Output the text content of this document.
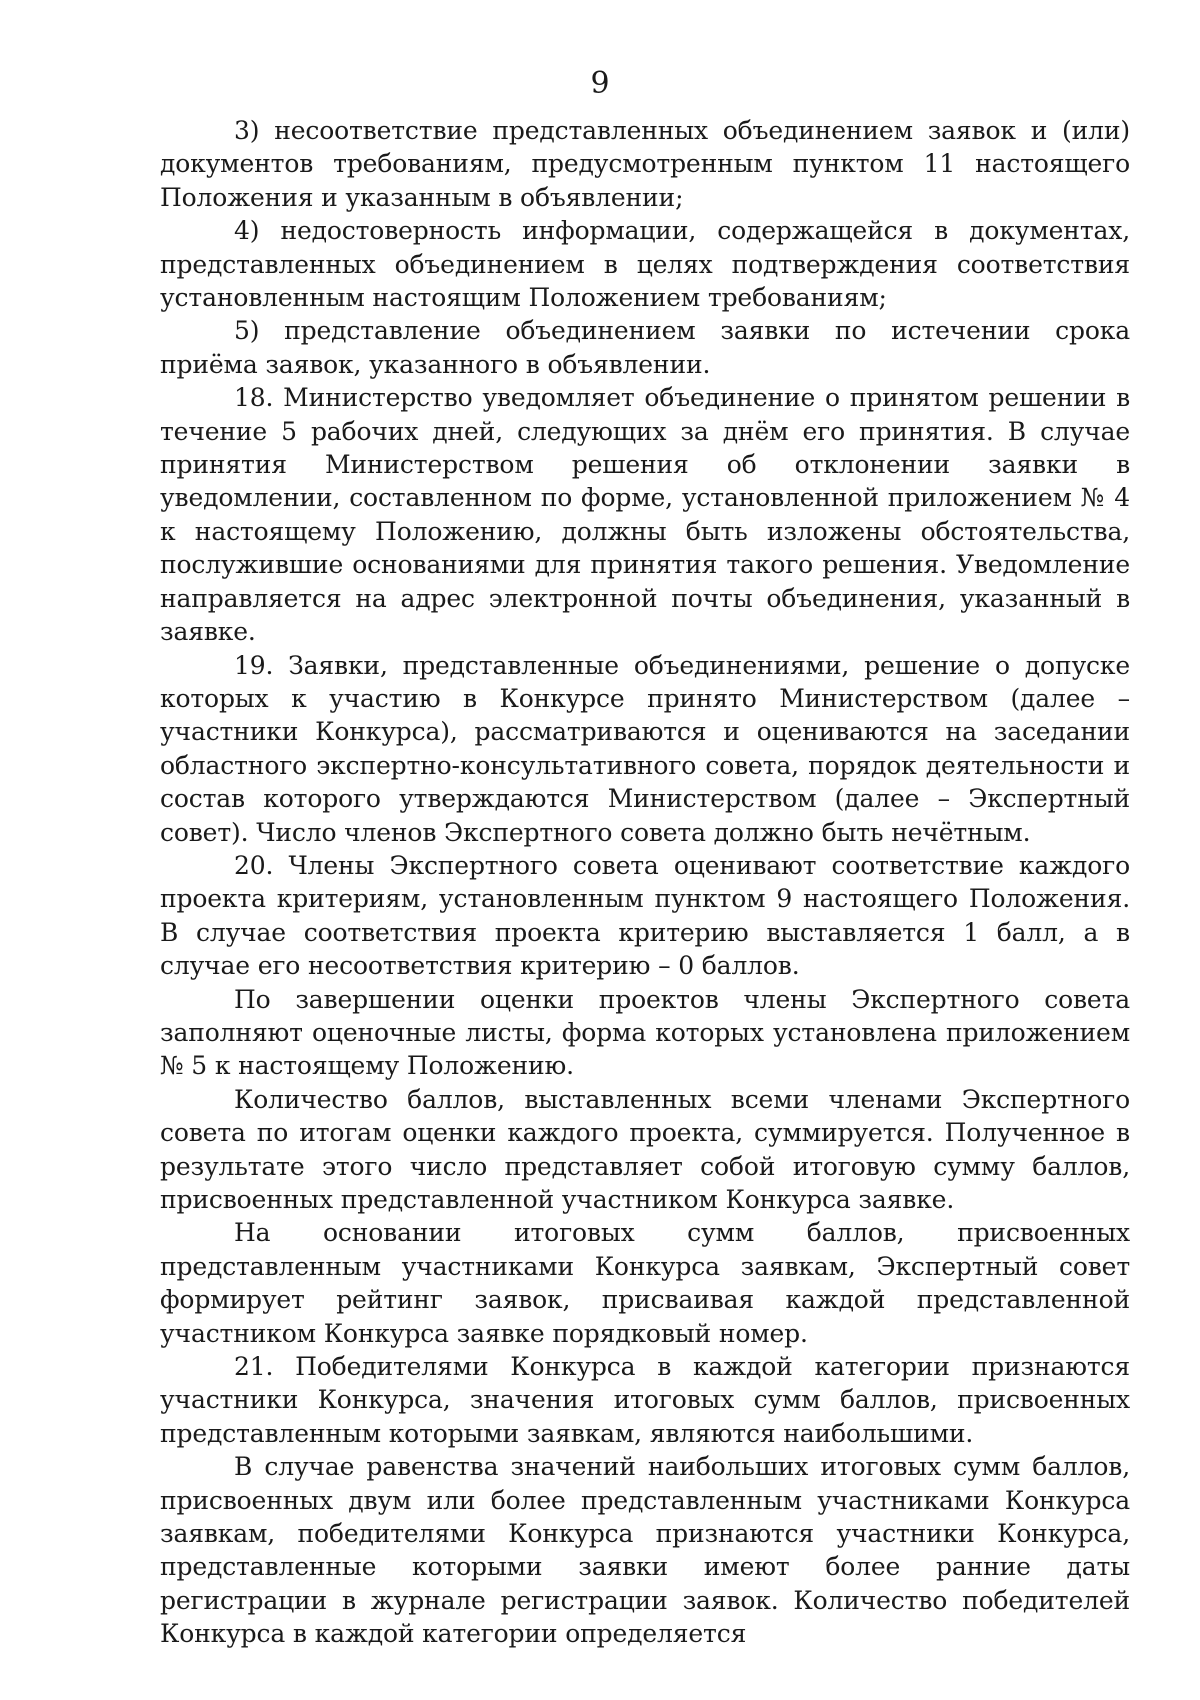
9

3) несоответствие представленных объединением заявок и (или) документов требованиям, предусмотренным пунктом 11 настоящего Положения и указанным в объявлении;

4) недостоверность информации, содержащейся в документах, представленных объединением в целях подтверждения соответствия установленным настоящим Положением требованиям;

5) представление объединением заявки по истечении срока приёма заявок, указанного в объявлении.

18. Министерство уведомляет объединение о принятом решении в течение 5 рабочих дней, следующих за днём его принятия. В случае принятия Министерством решения об отклонении заявки в уведомлении, составленном по форме, установленной приложением № 4 к настоящему Положению, должны быть изложены обстоятельства, послужившие основаниями для принятия такого решения. Уведомление направляется на адрес электронной почты объединения, указанный в заявке.

19. Заявки, представленные объединениями, решение о допуске которых к участию в Конкурсе принято Министерством (далее – участники Конкурса), рассматриваются и оцениваются на заседании областного экспертно-консультативного совета, порядок деятельности и состав которого утверждаются Министерством (далее – Экспертный совет). Число членов Экспертного совета должно быть нечётным.

20. Члены Экспертного совета оценивают соответствие каждого проекта критериям, установленным пунктом 9 настоящего Положения. В случае соответствия проекта критерию выставляется 1 балл, а в случае его несоответствия критерию – 0 баллов.

По завершении оценки проектов члены Экспертного совета заполняют оценочные листы, форма которых установлена приложением № 5 к настоящему Положению.

Количество баллов, выставленных всеми членами Экспертного совета по итогам оценки каждого проекта, суммируется. Полученное в результате этого число представляет собой итоговую сумму баллов, присвоенных представленной участником Конкурса заявке.

На основании итоговых сумм баллов, присвоенных представленным участниками Конкурса заявкам, Экспертный совет формирует рейтинг заявок, присваивая каждой представленной участником Конкурса заявке порядковый номер.

21. Победителями Конкурса в каждой категории признаются участники Конкурса, значения итоговых сумм баллов, присвоенных представленным которыми заявкам, являются наибольшими.

В случае равенства значений наибольших итоговых сумм баллов, присвоенных двум или более представленным участниками Конкурса заявкам, победителями Конкурса признаются участники Конкурса, представленные которыми заявки имеют более ранние даты регистрации в журнале регистрации заявок. Количество победителей Конкурса в каждой категории определяется
